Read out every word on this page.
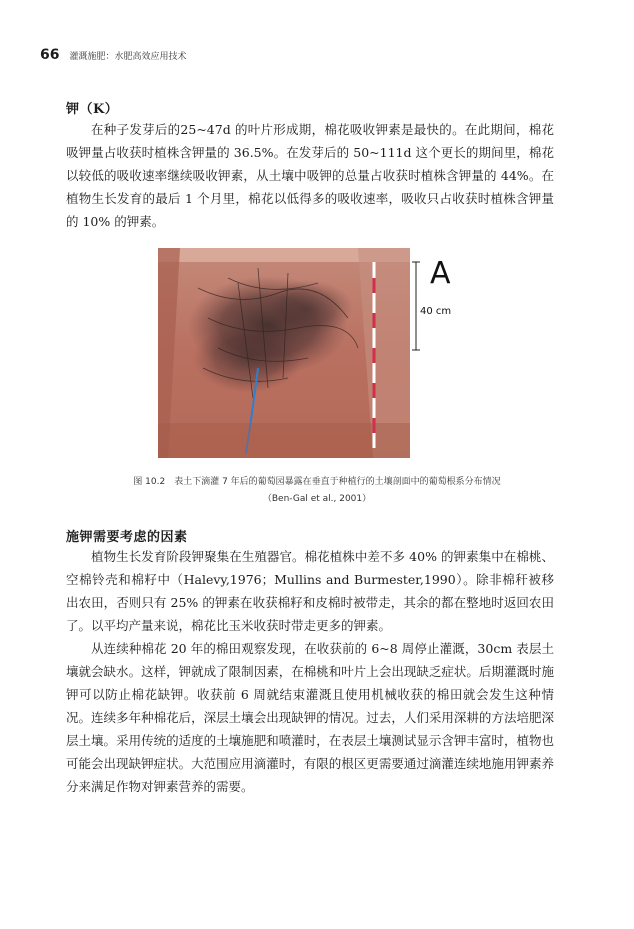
66 灌溉施肥：水肥高效应用技术
钾（K）

在种子发芽后的25~47d 的叶片形成期，棉花吸收钾素是最快的。在此期间，棉花吸钾量占收获时植株含钾量的 36.5%。在发芽后的 50~111d 这个更长的期间里，棉花以较低的吸收速率继续吸收钾素，从土壤中吸钾的总量占收获时植株含钾量的 44%。在植物生长发育的最后 1 个月里，棉花以低得多的吸收速率，吸收只占收获时植株含钾量的 10% 的钾素。

A
40 cm
图 10.2　表土下滴灌 7 年后的葡萄园暴露在垂直于种植行的土壤剖面中的葡萄根系分布情况
（Ben-Gal et al., 2001）
施钾需要考虑的因素

植物生长发育阶段钾聚集在生殖器官。棉花植株中差不多 40% 的钾素集中在棉桃、空棉铃壳和棉籽中（Halevy,1976；Mullins and Burmester,1990）。除非棉秆被移出农田，否则只有 25% 的钾素在收获棉籽和皮棉时被带走，其余的都在整地时返回农田了。以平均产量来说，棉花比玉米收获时带走更多的钾素。

从连续种棉花 20 年的棉田观察发现，在收获前的 6~8 周停止灌溉，30cm 表层土壤就会缺水。这样，钾就成了限制因素，在棉桃和叶片上会出现缺乏症状。后期灌溉时施钾可以防止棉花缺钾。收获前 6 周就结束灌溉且使用机械收获的棉田就会发生这种情况。连续多年种棉花后，深层土壤会出现缺钾的情况。过去，人们采用深耕的方法培肥深层土壤。采用传统的适度的土壤施肥和喷灌时，在表层土壤测试显示含钾丰富时，植物也可能会出现缺钾症状。大范围应用滴灌时，有限的根区更需要通过滴灌连续地施用钾素养分来满足作物对钾素营养的需要。
